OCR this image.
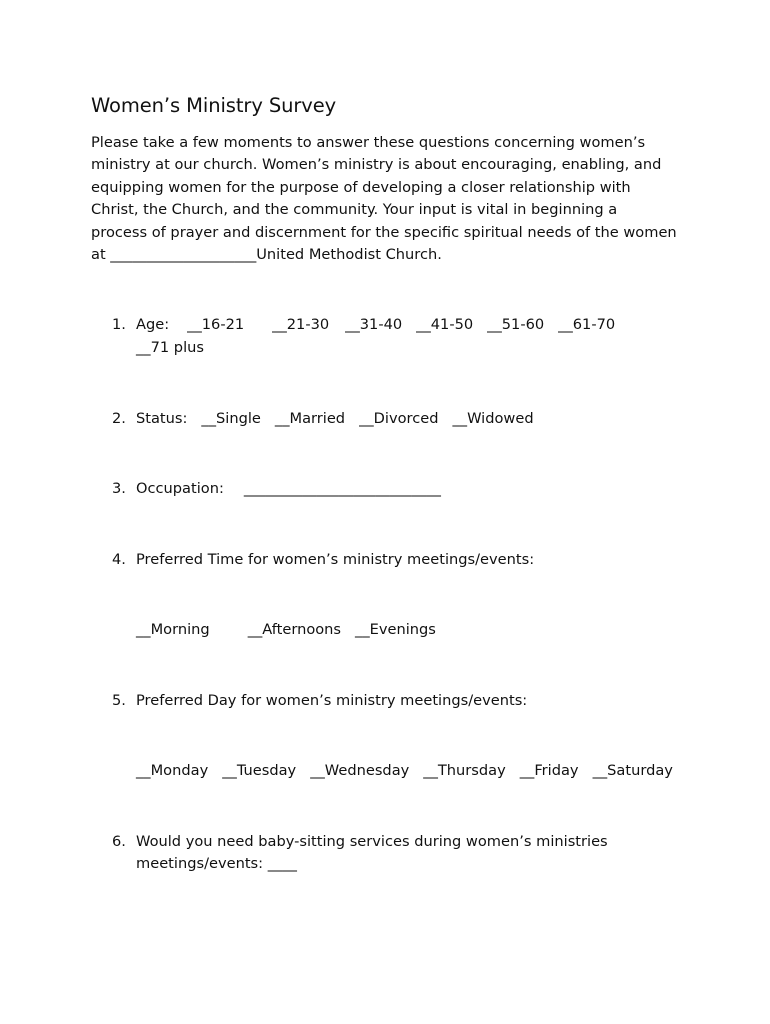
Women’s Ministry Survey
Please take a few moments to answer these questions concerning women’s
ministry at our church. Women’s ministry is about encouraging, enabling, and
equipping women for the purpose of developing a closer relationship with
Christ, the Church, and the community. Your input is vital in beginning a
process of prayer and discernment for the specific spiritual needs of the women
at ____________________United Methodist Church.
1. Age: __16-21 __21-30 __31-40 __41-50 __51-60 __61-70
__71 plus
2. Status: __Single __Married __Divorced __Widowed
3. Occupation: ___________________________
4. Preferred Time for women’s ministry meetings/events:
__Morning	__Afternoons __Evenings
5. Preferred Day for women’s ministry meetings/events:
__Monday __Tuesday __Wednesday __Thursday __Friday __Saturday
6. Would you need baby-sitting services during women’s ministries
meetings/events: ____
